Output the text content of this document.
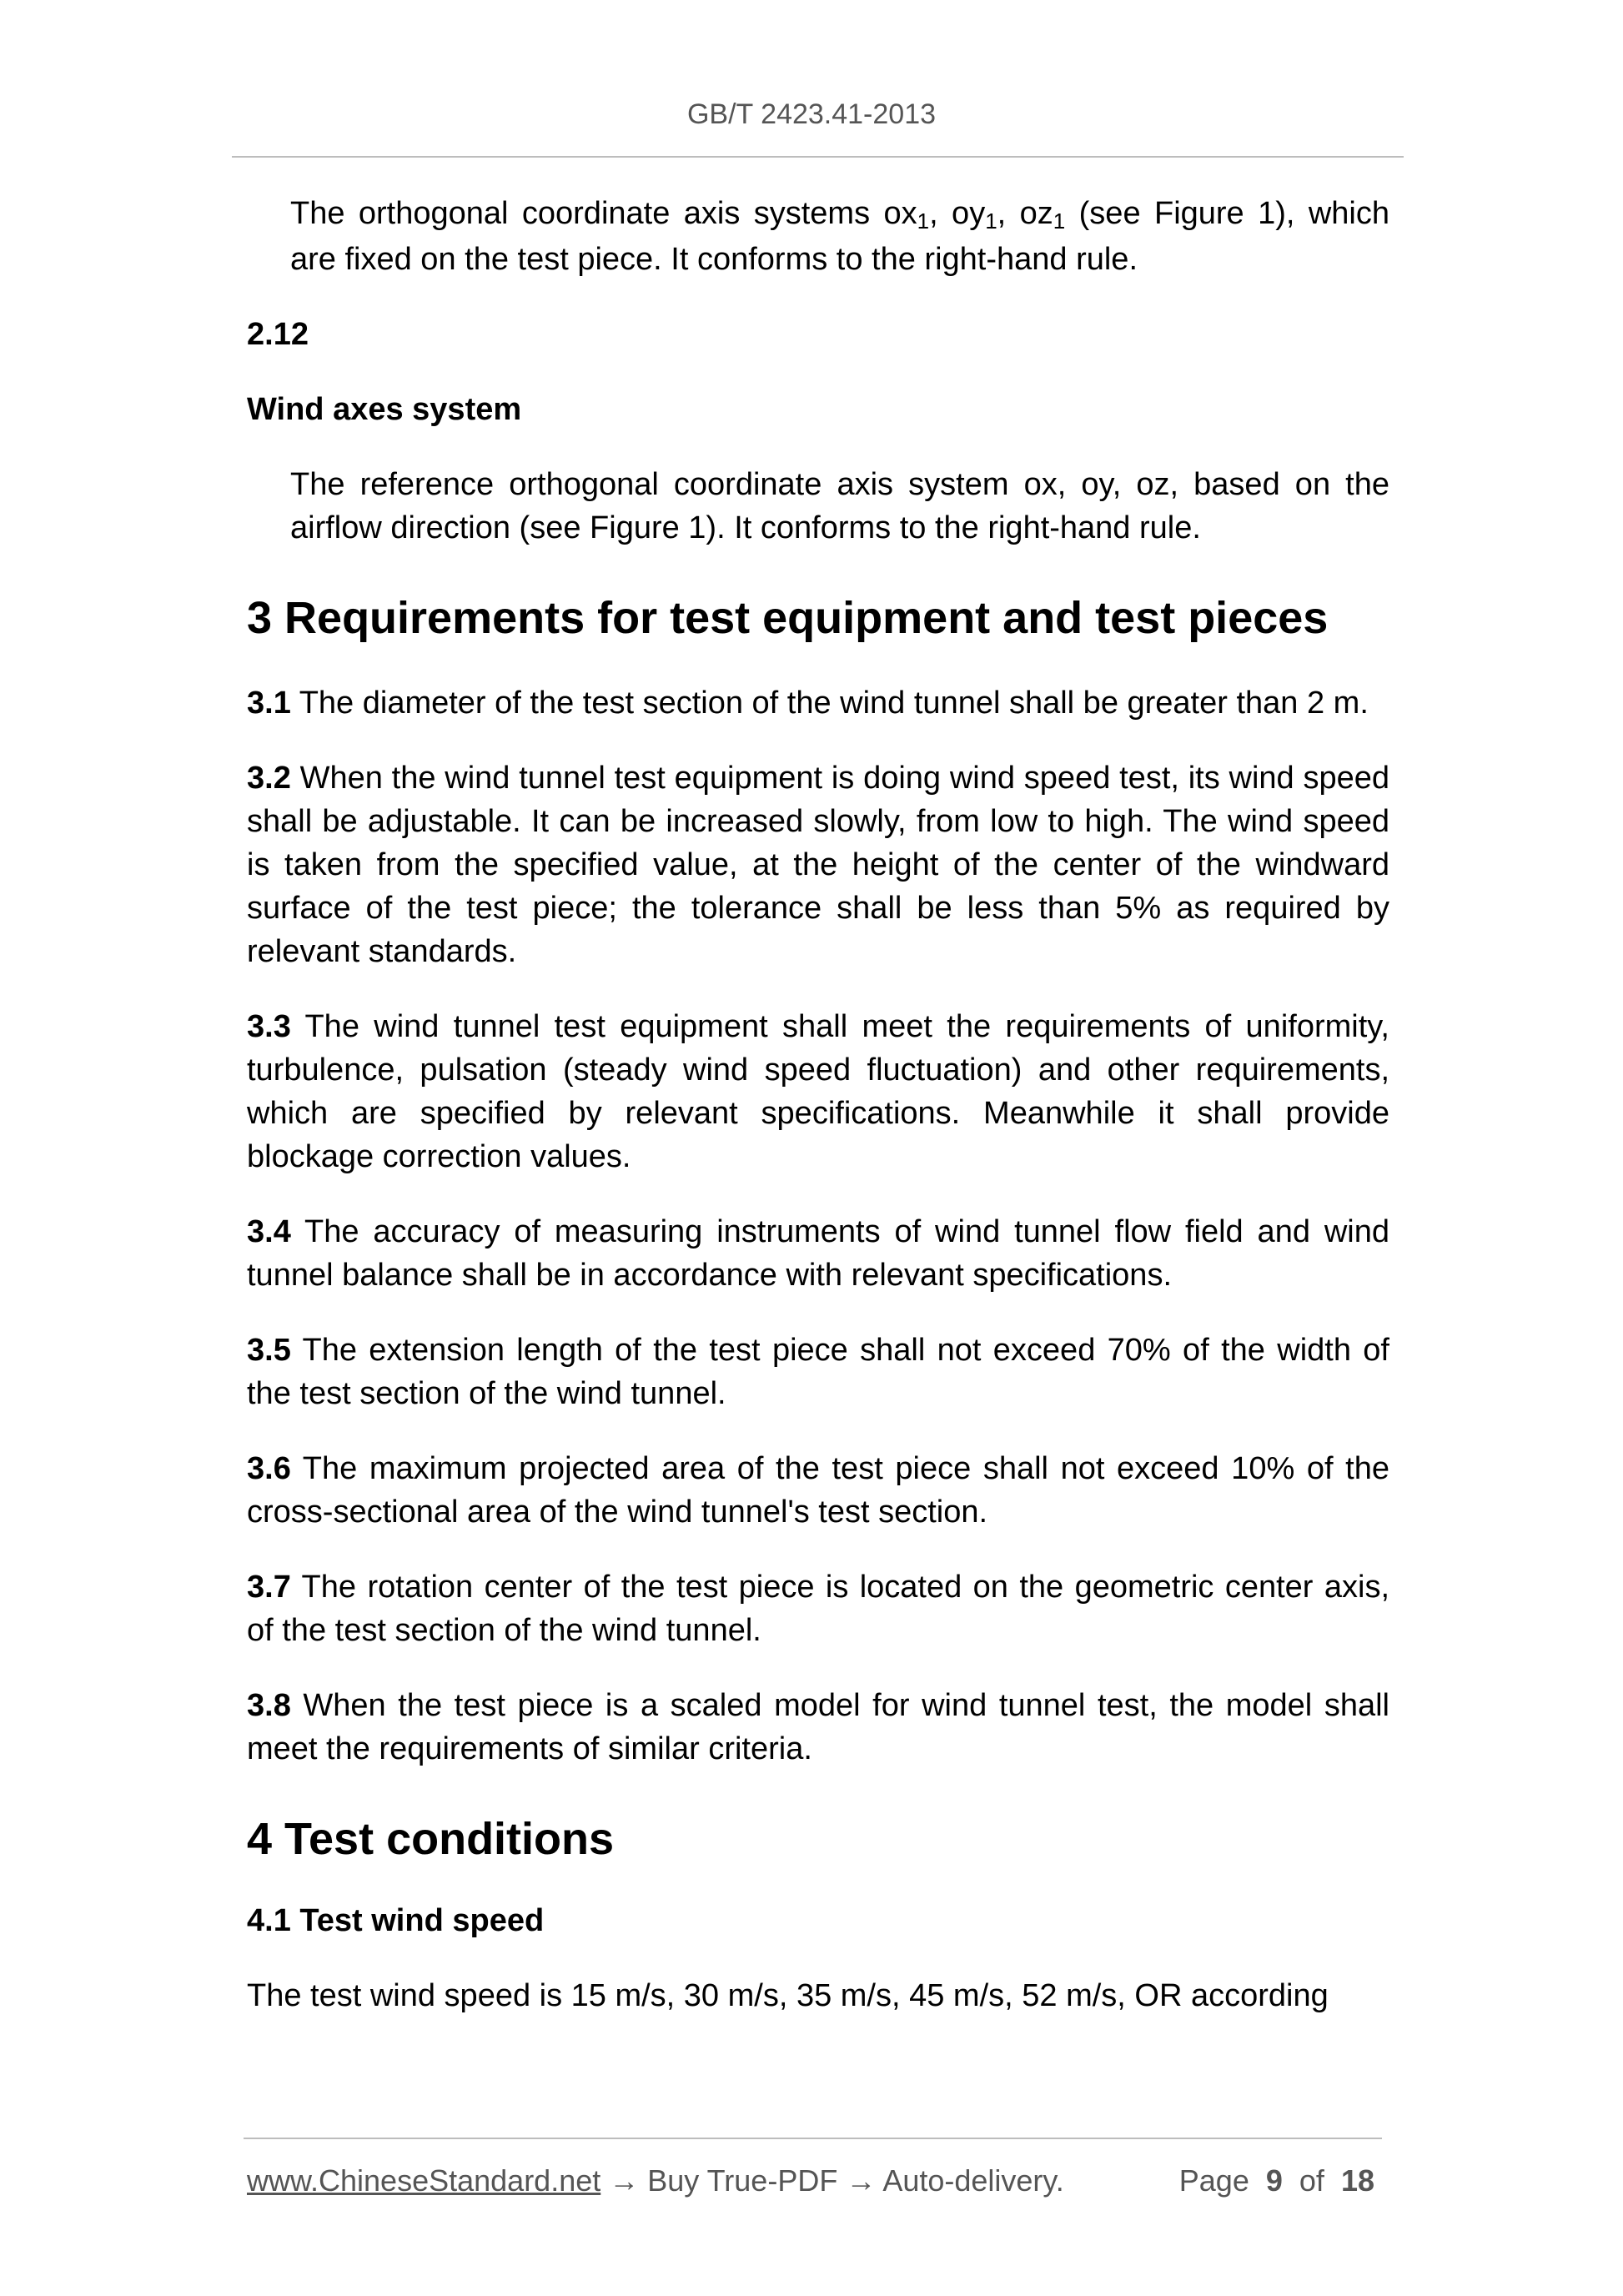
GB/T 2423.41-2013

The orthogonal coordinate axis systems $ox_1$, $oy_1$, $oz_1$ (see Figure 1), which are fixed on the test piece. It conforms to the right-hand rule.

2.12

Wind axes system

The reference orthogonal coordinate axis system ox, oy, oz, based on the airflow direction (see Figure 1). It conforms to the right-hand rule.

3 Requirements for test equipment and test pieces

3.1 The diameter of the test section of the wind tunnel shall be greater than 2 m.

3.2 When the wind tunnel test equipment is doing wind speed test, its wind speed shall be adjustable. It can be increased slowly, from low to high. The wind speed is taken from the specified value, at the height of the center of the windward surface of the test piece; the tolerance shall be less than 5% as required by relevant standards.

3.3 The wind tunnel test equipment shall meet the requirements of uniformity, turbulence, pulsation (steady wind speed fluctuation) and other requirements, which are specified by relevant specifications. Meanwhile it shall provide blockage correction values.

3.4 The accuracy of measuring instruments of wind tunnel flow field and wind tunnel balance shall be in accordance with relevant specifications.

3.5 The extension length of the test piece shall not exceed 70% of the width of the test section of the wind tunnel.

3.6 The maximum projected area of the test piece shall not exceed 10% of the cross-sectional area of the wind tunnel's test section.

3.7 The rotation center of the test piece is located on the geometric center axis, of the test section of the wind tunnel.

3.8 When the test piece is a scaled model for wind tunnel test, the model shall meet the requirements of similar criteria.

4 Test conditions

4.1 Test wind speed

The test wind speed is 15 m/s, 30 m/s, 35 m/s, 45 m/s, 52 m/s, OR according

www.ChineseStandard.net → Buy True-PDF → Auto-delivery.	Page 9 of 18
